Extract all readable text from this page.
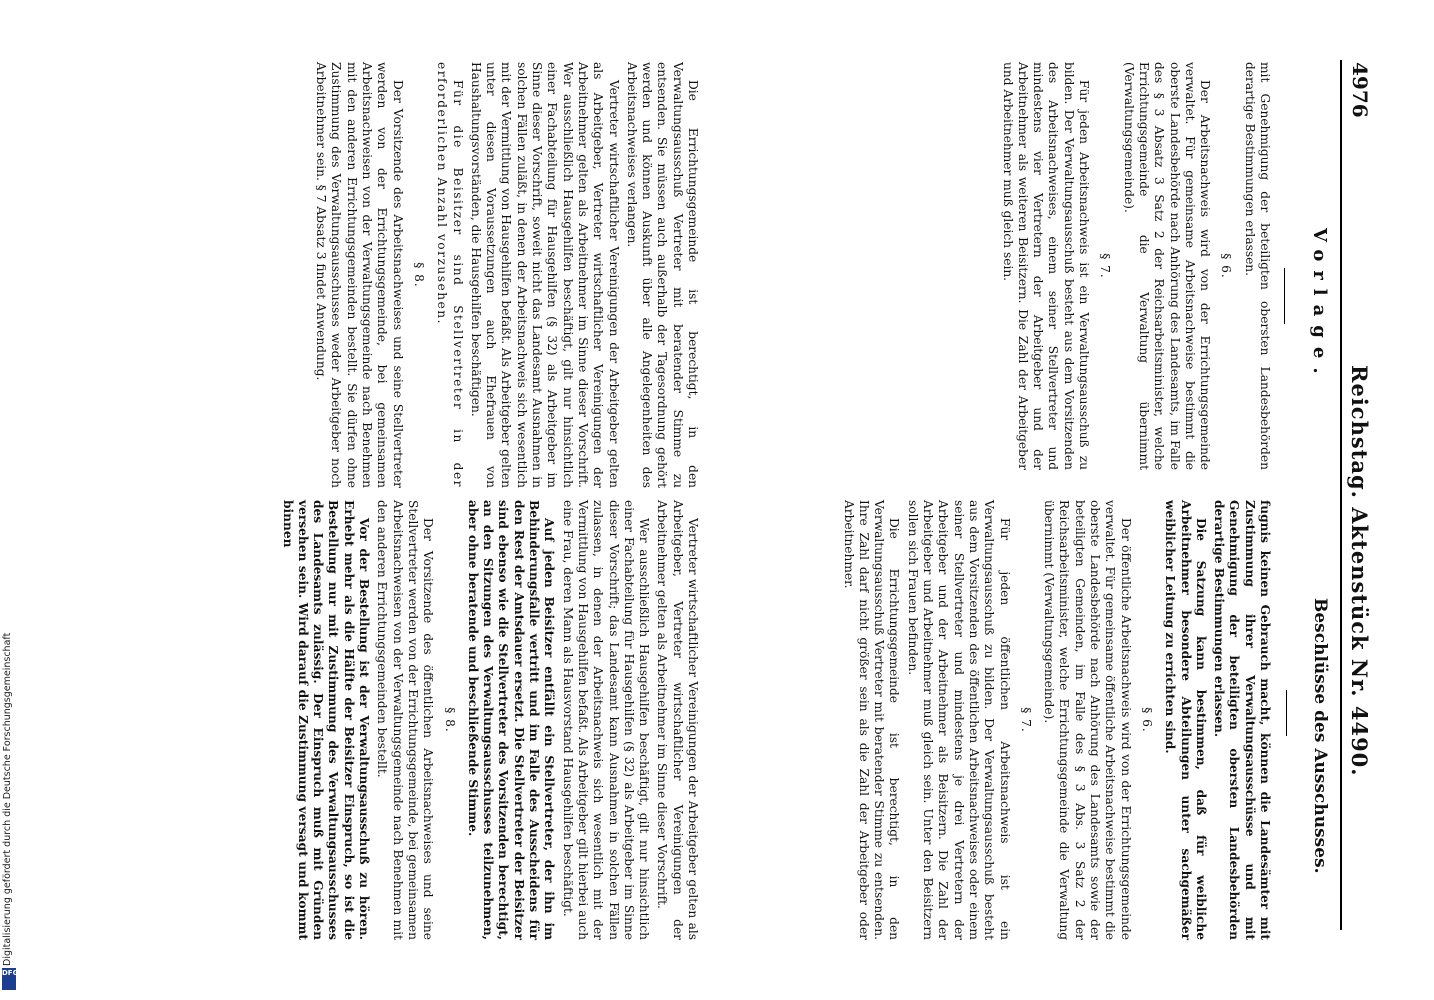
4976
Reichstag. Aktenstück Nr. 4490.
Vorlage.
Beschlüsse des Ausschusses.

mit Genehmigung der beteiligten obersten Landesbehörden derartige Bestimmungen erlassen.

§ 6.

Der Arbeitsnachweis wird von der Errichtungsgemeinde verwaltet. Für gemeinsame Arbeitsnachweise bestimmt die oberste Landesbehörde nach Anhörung des Landesamts, im Falle des § 3 Absatz 3 Satz 2 der Reichsarbeitsminister, welche Errichtungsgemeinde die Verwaltung übernimmt (Verwaltungsgemeinde).

§ 7.

Für jeden Arbeitsnachweis ist ein Verwaltungsausschuß zu bilden. Der Verwaltungsausschuß besteht aus dem Vorsitzenden des Arbeitsnachweises, einem seiner Stellvertreter und mindestens vier Vertretern der Arbeitgeber und der Arbeitnehmer als weiteren Beisitzern. Die Zahl der Arbeitgeber und Arbeitnehmer muß gleich sein.

Die Errichtungsgemeinde ist berechtigt, in den Verwaltungsausschuß Vertreter mit beratender Stimme zu entsenden. Sie müssen auch außerhalb der Tagesordnung gehört werden und können Auskunft über alle Angelegenheiten des Arbeitsnachweises verlangen.

Vertreter wirtschaftlicher Vereinigungen der Arbeitgeber gelten als Arbeitgeber, Vertreter wirtschaftlicher Vereinigungen der Arbeitnehmer gelten als Arbeitnehmer im Sinne dieser Vorschrift. Wer ausschließlich Hausgehilfen beschäftigt, gilt nur hinsichtlich einer Fachabteilung für Hausgehilfen (§ 32) als Arbeitgeber im Sinne dieser Vorschrift, soweit nicht das Landesamt Ausnahmen in solchen Fällen zuläßt, in denen der Arbeitsnachweis sich wesentlich mit der Vermittlung von Hausgehilfen befaßt. Als Arbeitgeber gelten unter diesen Voraussetzungen auch Ehefrauen von Haushaltungsvorständen, die Hausgehilfen beschäftigen.

Für die Beisitzer sind Stellvertreter in der erforderlichen Anzahl vorzusehen.

§ 8.

Der Vorsitzende des Arbeitsnachweises und seine Stellvertreter werden von der Errichtungsgemeinde, bei gemeinsamen Arbeitsnachweisen von der Verwaltungsgemeinde nach Benehmen mit den anderen Errichtungsgemeinden bestellt. Sie dürfen ohne Zustimmung des Verwaltungsausschusses weder Arbeitgeber noch Arbeitnehmer sein. § 7 Absatz 3 findet Anwendung.

fugnis keinen Gebrauch macht, können die Landesämter mit Zustimmung ihrer Verwaltungsausschüsse und mit Genehmigung der beteiligten obersten Landesbehörden derartige Bestimmungen erlassen.

Die Satzung kann bestimmen, daß für weibliche Arbeitnehmer besondere Abteilungen unter sachgemäßer weiblicher Leitung zu errichten sind.

§ 6.

Der öffentliche Arbeitsnachweis wird von der Errichtungsgemeinde verwaltet. Für gemeinsame öffentliche Arbeitsnachweise bestimmt die oberste Landesbehörde nach Anhörung des Landesamts sowie der beteiligten Gemeinden, im Falle des § 3 Abs. 3 Satz 2 der Reichsarbeitsminister, welche Errichtungsgemeinde die Verwaltung übernimmt (Verwaltungsgemeinde).

§ 7.

Für jeden öffentlichen Arbeitsnachweis ist ein Verwaltungsausschuß zu bilden. Der Verwaltungsausschuß besteht aus dem Vorsitzenden des öffentlichen Arbeitsnachweises oder einem seiner Stellvertreter und mindestens je drei Vertretern der Arbeitgeber und der Arbeitnehmer als Beisitzern. Die Zahl der Arbeitgeber und Arbeitnehmer muß gleich sein. Unter den Beisitzern sollen sich Frauen befinden.

Die Errichtungsgemeinde ist berechtigt, in den Verwaltungsausschuß Vertreter mit beratender Stimme zu entsenden. Ihre Zahl darf nicht größer sein als die Zahl der Arbeitgeber oder Arbeitnehmer.

Vertreter wirtschaftlicher Vereinigungen der Arbeitgeber gelten als Arbeitgeber, Vertreter wirtschaftlicher Vereinigungen der Arbeitnehmer gelten als Arbeitnehmer im Sinne dieser Vorschrift.

Wer ausschließlich Hausgehilfen beschäftigt, gilt nur hinsichtlich einer Fachabteilung für Hausgehilfen (§ 32) als Arbeitgeber im Sinne dieser Vorschrift; das Landesamt kann Ausnahmen in solchen Fällen zulassen, in denen der Arbeitsnachweis sich wesentlich mit der Vermittlung von Hausgehilfen befaßt. Als Arbeitgeber gilt hierbei auch eine Frau, deren Mann als Hausvorstand Hausgehilfen beschäftigt.

Auf jeden Beisitzer entfällt ein Stellvertreter, der ihn im Behinderungsfalle vertritt und im Falle des Ausscheidens für den Rest der Amtsdauer ersetzt. Die Stellvertreter der Beisitzer sind ebenso wie die Stellvertreter des Vorsitzenden berechtigt, an den Sitzungen des Verwaltungsausschusses teilzunehmen, aber ohne beratende und beschließende Stimme.

§ 8.

Der Vorsitzende des öffentlichen Arbeitsnachweises und seine Stellvertreter werden von der Errichtungsgemeinde, bei gemeinsamen Arbeitsnachweisen von der Verwaltungsgemeinde nach Benehmen mit den anderen Errichtungsgemeinden bestellt.

Vor der Bestellung ist der Verwaltungsausschuß zu hören. Erhebt mehr als die Hälfte der Beisitzer Einspruch, so ist die Bestellung nur mit Zustimmung des Verwaltungsausschusses des Landesamts zulässig. Der Einspruch muß mit Gründen versehen sein. Wird darauf die Zustimmung versagt und kommt binnen

Digitalisierung gefördert durch die Deutsche Forschungsgemeinschaft
DFG
